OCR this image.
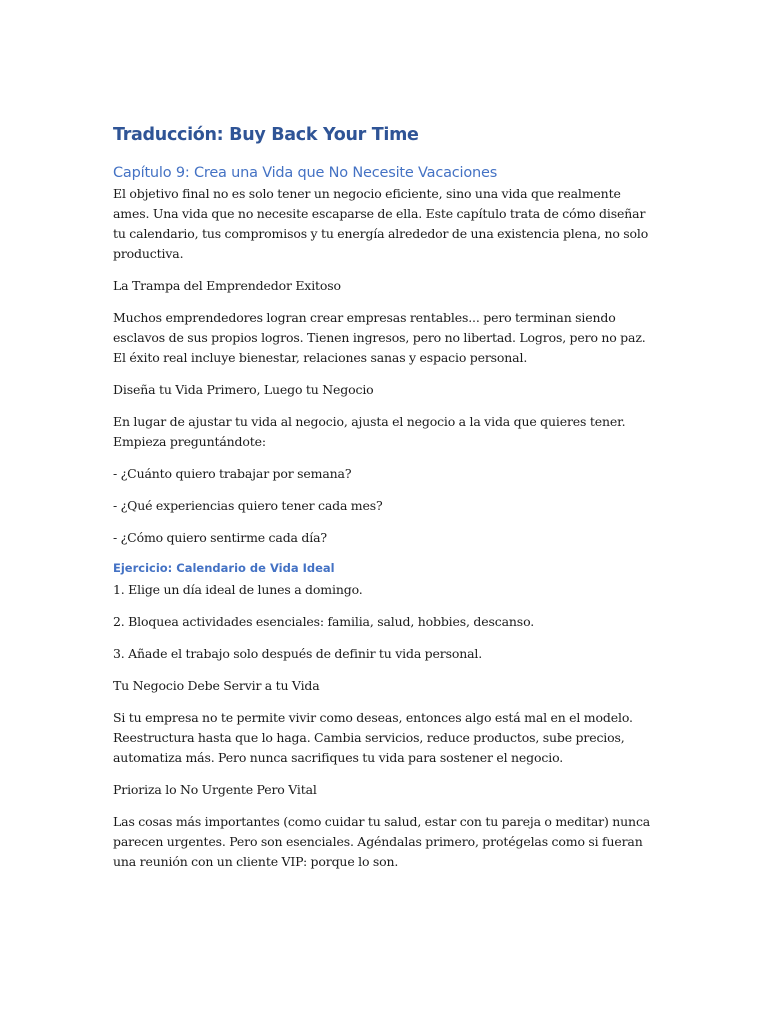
Traducción: Buy Back Your Time
Capítulo 9: Crea una Vida que No Necesite Vacaciones
El objetivo final no es solo tener un negocio eficiente, sino una vida que realmente ames. Una vida que no necesite escaparse de ella. Este capítulo trata de cómo diseñar tu calendario, tus compromisos y tu energía alrededor de una existencia plena, no solo productiva.
La Trampa del Emprendedor Exitoso
Muchos emprendedores logran crear empresas rentables... pero terminan siendo esclavos de sus propios logros. Tienen ingresos, pero no libertad. Logros, pero no paz. El éxito real incluye bienestar, relaciones sanas y espacio personal.
Diseña tu Vida Primero, Luego tu Negocio
En lugar de ajustar tu vida al negocio, ajusta el negocio a la vida que quieres tener. Empieza preguntándote:
- ¿Cuánto quiero trabajar por semana?
- ¿Qué experiencias quiero tener cada mes?
- ¿Cómo quiero sentirme cada día?
Ejercicio: Calendario de Vida Ideal
1. Elige un día ideal de lunes a domingo.
2. Bloquea actividades esenciales: familia, salud, hobbies, descanso.
3. Añade el trabajo solo después de definir tu vida personal.
Tu Negocio Debe Servir a tu Vida
Si tu empresa no te permite vivir como deseas, entonces algo está mal en el modelo. Reestructura hasta que lo haga. Cambia servicios, reduce productos, sube precios, automatiza más. Pero nunca sacrifiques tu vida para sostener el negocio.
Prioriza lo No Urgente Pero Vital
Las cosas más importantes (como cuidar tu salud, estar con tu pareja o meditar) nunca parecen urgentes. Pero son esenciales. Agéndalas primero, protégelas como si fueran una reunión con un cliente VIP: porque lo son.
